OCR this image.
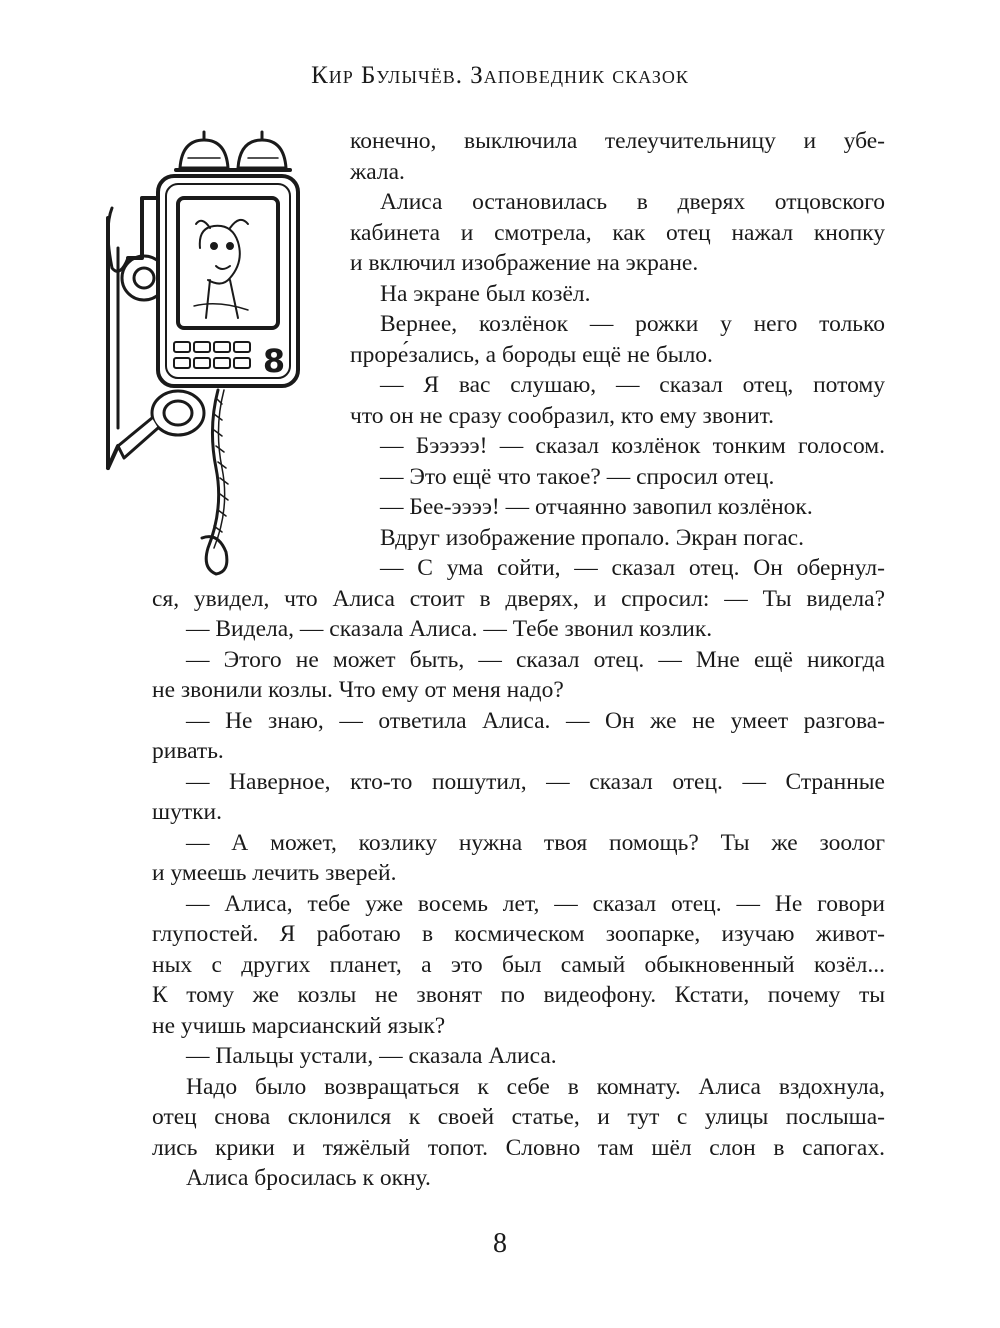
Кир Булычёв. Заповедник сказок
8
конечно, выключила телеучительницу и убе-
жала.
Алиса остановилась в дверях отцовского
кабинета и смотрела, как отец нажал кнопку
и включил изображение на экране.
На экране был козёл.
Вернее, козлёнок — рожки у него только
проре́зались, а бороды ещё не было.
— Я вас слушаю, — сказал отец, потому
что он не сразу сообразил, кто ему звонит.
— Бэээээ! — сказал козлёнок тонким голосом.
— Это ещё что такое? — спросил отец.
— Бее-ээээ! — отчаянно завопил козлёнок.
Вдруг изображение пропало. Экран погас.
— С ума сойти, — сказал отец. Он обернул-
ся, увидел, что Алиса стоит в дверях, и спросил: — Ты видела?
— Видела, — сказала Алиса. — Тебе звонил козлик.
— Этого не может быть, — сказал отец. — Мне ещё никогда
не звонили козлы. Что ему от меня надо?
— Не знаю, — ответила Алиса. — Он же не умеет разгова-
ривать.
— Наверное, кто-то пошутил, — сказал отец. — Странные
шутки.
— А может, козлику нужна твоя помощь? Ты же зоолог
и умеешь лечить зверей.
— Алиса, тебе уже восемь лет, — сказал отец. — Не говори
глупостей. Я работаю в космическом зоопарке, изучаю живот-
ных с других планет, а это был самый обыкновенный козёл...
К тому же козлы не звонят по видеофону. Кстати, почему ты
не учишь марсианский язык?
— Пальцы устали, — сказала Алиса.
Надо было возвращаться к себе в комнату. Алиса вздохнула,
отец снова склонился к своей статье, и тут с улицы послыша-
лись крики и тяжёлый топот. Словно там шёл слон в сапогах.
Алиса бросилась к окну.
8
